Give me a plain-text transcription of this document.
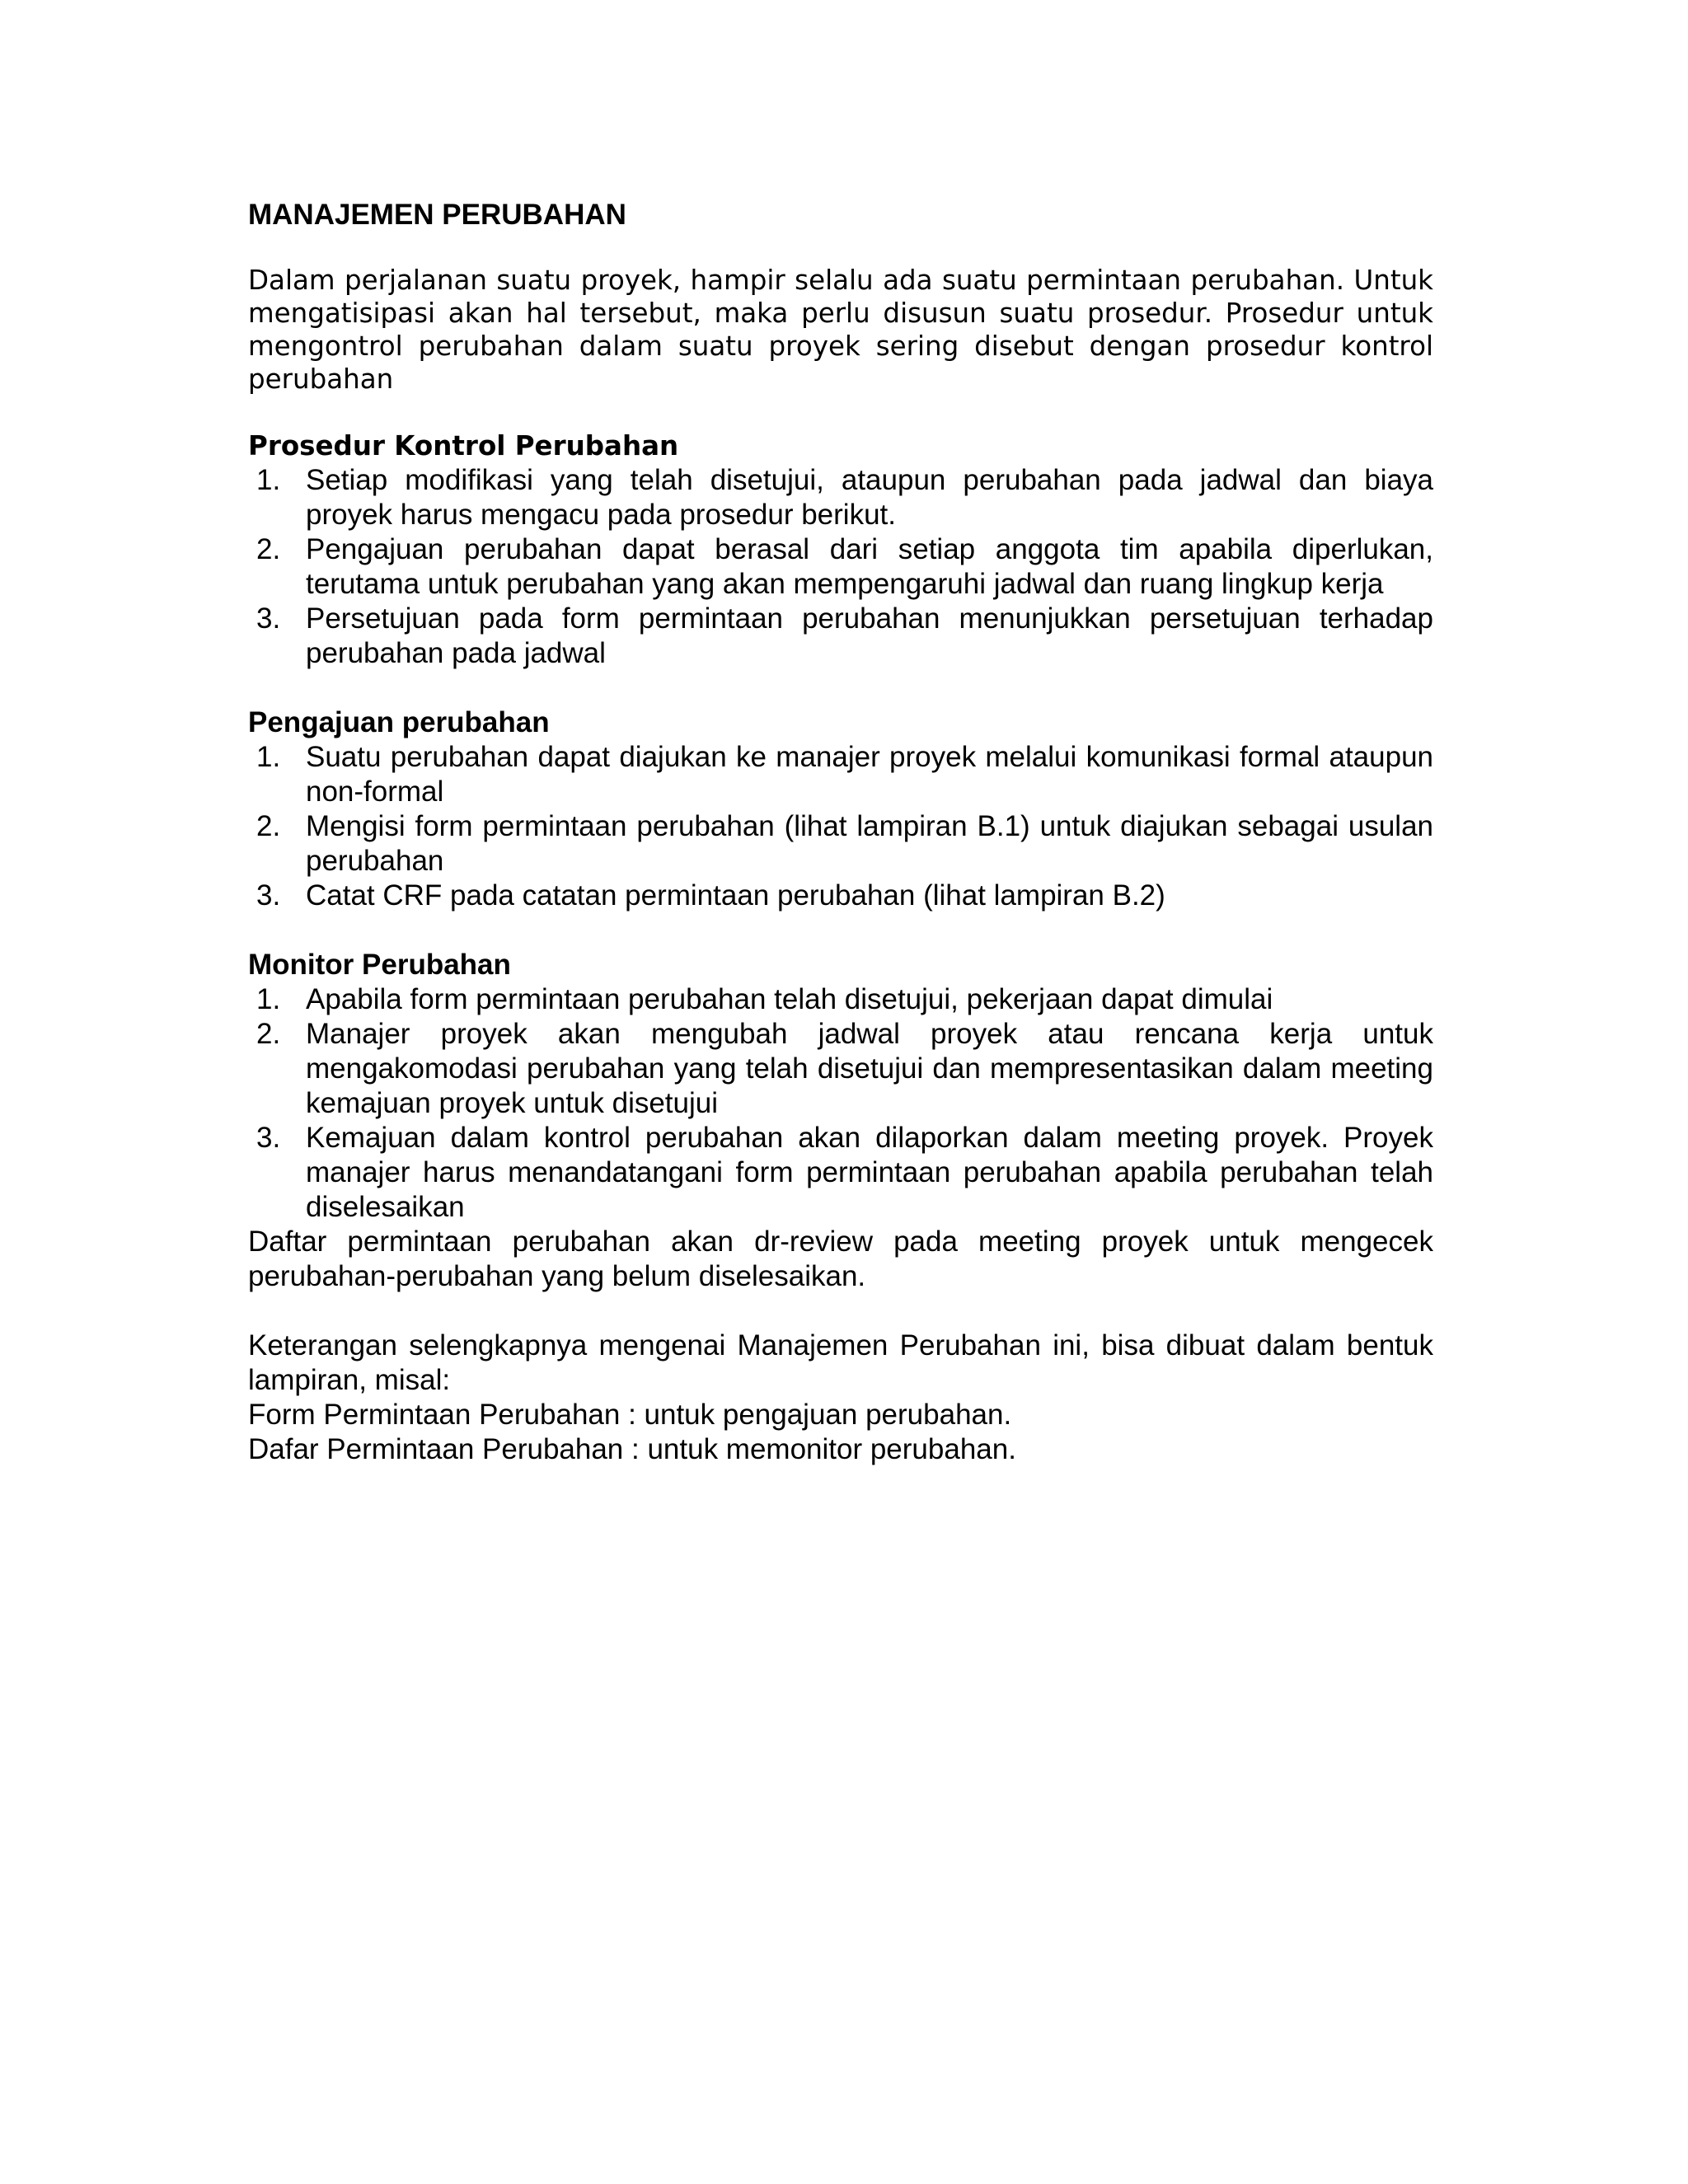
MANAJEMEN PERUBAHAN

Dalam perjalanan suatu proyek, hampir selalu ada suatu permintaan perubahan. Untuk mengatisipasi akan hal tersebut, maka perlu disusun suatu prosedur. Prosedur untuk mengontrol perubahan dalam suatu proyek sering disebut dengan prosedur kontrol perubahan

Prosedur Kontrol Perubahan
1. Setiap modifikasi yang telah disetujui, ataupun perubahan pada jadwal dan biaya proyek harus mengacu pada prosedur berikut.
2. Pengajuan perubahan dapat berasal dari setiap anggota tim apabila diperlukan, terutama untuk perubahan yang akan mempengaruhi jadwal dan ruang lingkup kerja
3. Persetujuan pada form permintaan perubahan menunjukkan persetujuan terhadap perubahan pada jadwal
Pengajuan perubahan
1. Suatu perubahan dapat diajukan ke manajer proyek melalui komunikasi formal ataupun non-formal
2. Mengisi form permintaan perubahan (lihat lampiran B.1) untuk diajukan sebagai usulan perubahan
3. Catat CRF pada catatan permintaan perubahan (lihat lampiran B.2)
Monitor Perubahan
1. Apabila form permintaan perubahan telah disetujui, pekerjaan dapat dimulai
2. Manajer proyek akan mengubah jadwal proyek atau rencana kerja untuk mengakomodasi perubahan yang telah disetujui dan mempresentasikan dalam meeting kemajuan proyek untuk disetujui
3. Kemajuan dalam kontrol perubahan akan dilaporkan dalam meeting proyek. Proyek manajer harus menandatangani form permintaan perubahan apabila perubahan telah diselesaikan

Daftar permintaan perubahan akan dr-review pada meeting proyek untuk mengecek perubahan-perubahan yang belum diselesaikan.

Keterangan selengkapnya mengenai Manajemen Perubahan ini, bisa dibuat dalam bentuk lampiran, misal:

Form Permintaan Perubahan : untuk pengajuan perubahan.

Dafar Permintaan Perubahan : untuk memonitor perubahan.
